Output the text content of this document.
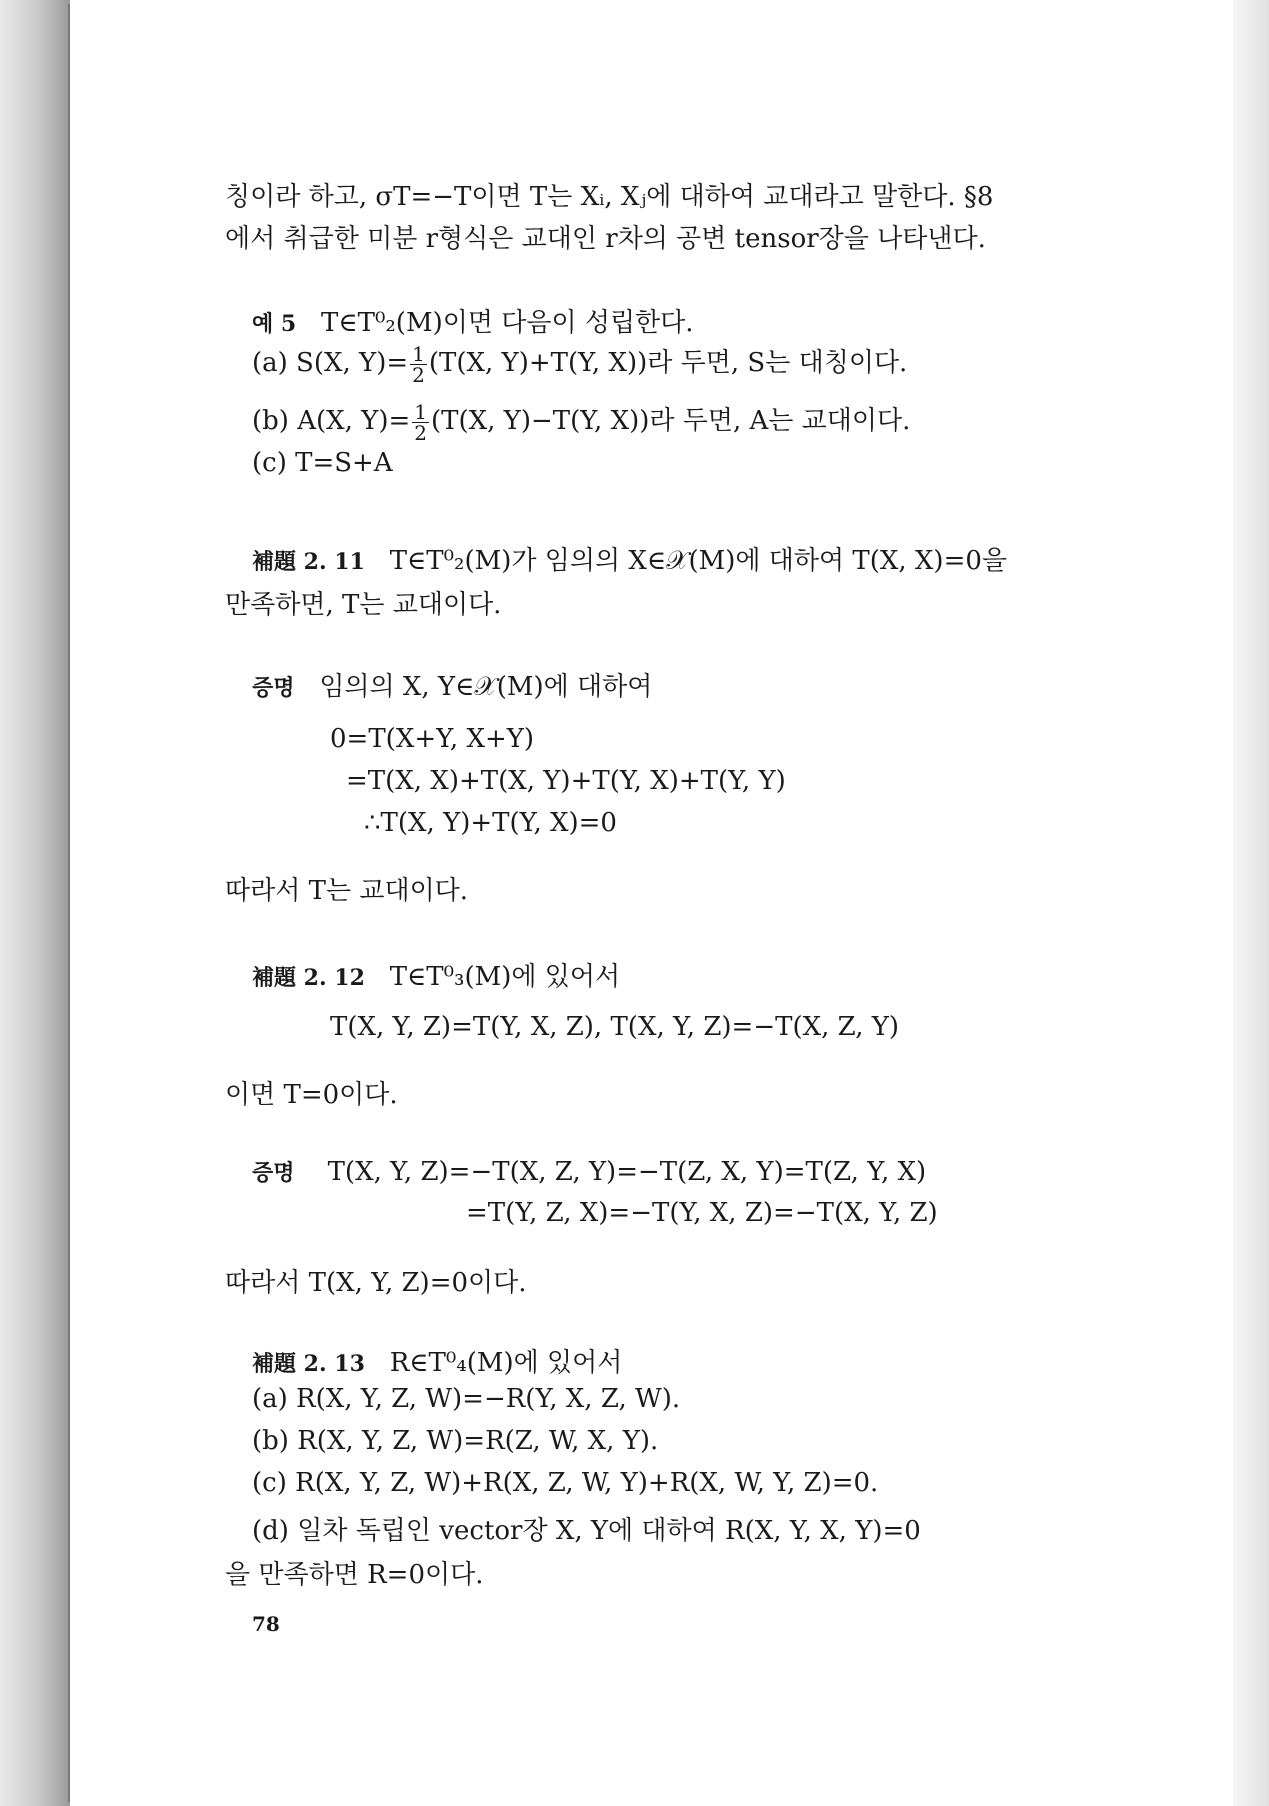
칭이라 하고, σT=−T이면 T는 Xᵢ, Xⱼ에 대하여 교대라고 말한다. §8
에서 취급한 미분 r형식은 교대인 r차의 공변 tensor장을 나타낸다.
예 5 T∈T⁰₂(M)이면 다음이 성립한다.
(a) S(X, $Y)= \frac{1}{2} (T(X$, Y)+T(Y, X))라 두면, S는 대칭이다.
(b) A(X, $Y)= \frac{1}{2} (T(X$, Y)−T(Y, X))라 두면, A는 교대이다.
(c) T=S+A
補題 2. 11 T∈T⁰₂(M)가 임의의 X∈𝒳(M)에 대하여 T(X, X)=0을
만족하면, T는 교대이다.
증명 임의의 X, Y∈𝒳(M)에 대하여
0=T(X+Y, X+Y)
=T(X, X)+T(X, Y)+T(Y, X)+T(Y, Y)
∴T(X, Y)+T(Y, X)=0
따라서 T는 교대이다.
補題 2. 12 T∈T⁰₃(M)에 있어서
T(X, Y, Z)=T(Y, X, Z), T(X, Y, Z)=−T(X, Z, Y)
이면 T=0이다.
증명 T(X, Y, Z)=−T(X, Z, Y)=−T(Z, X, Y)=T(Z, Y, X)
=T(Y, Z, X)=−T(Y, X, Z)=−T(X, Y, Z)
따라서 T(X, Y, Z)=0이다.
補題 2. 13 R∈T⁰₄(M)에 있어서
(a) R(X, Y, Z, W)=−R(Y, X, Z, W).
(b) R(X, Y, Z, W)=R(Z, W, X, Y).
(c) R(X, Y, Z, W)+R(X, Z, W, Y)+R(X, W, Y, Z)=0.
(d) 일차 독립인 vector장 X, Y에 대하여 R(X, Y, X, Y)=0
을 만족하면 R=0이다.
78
